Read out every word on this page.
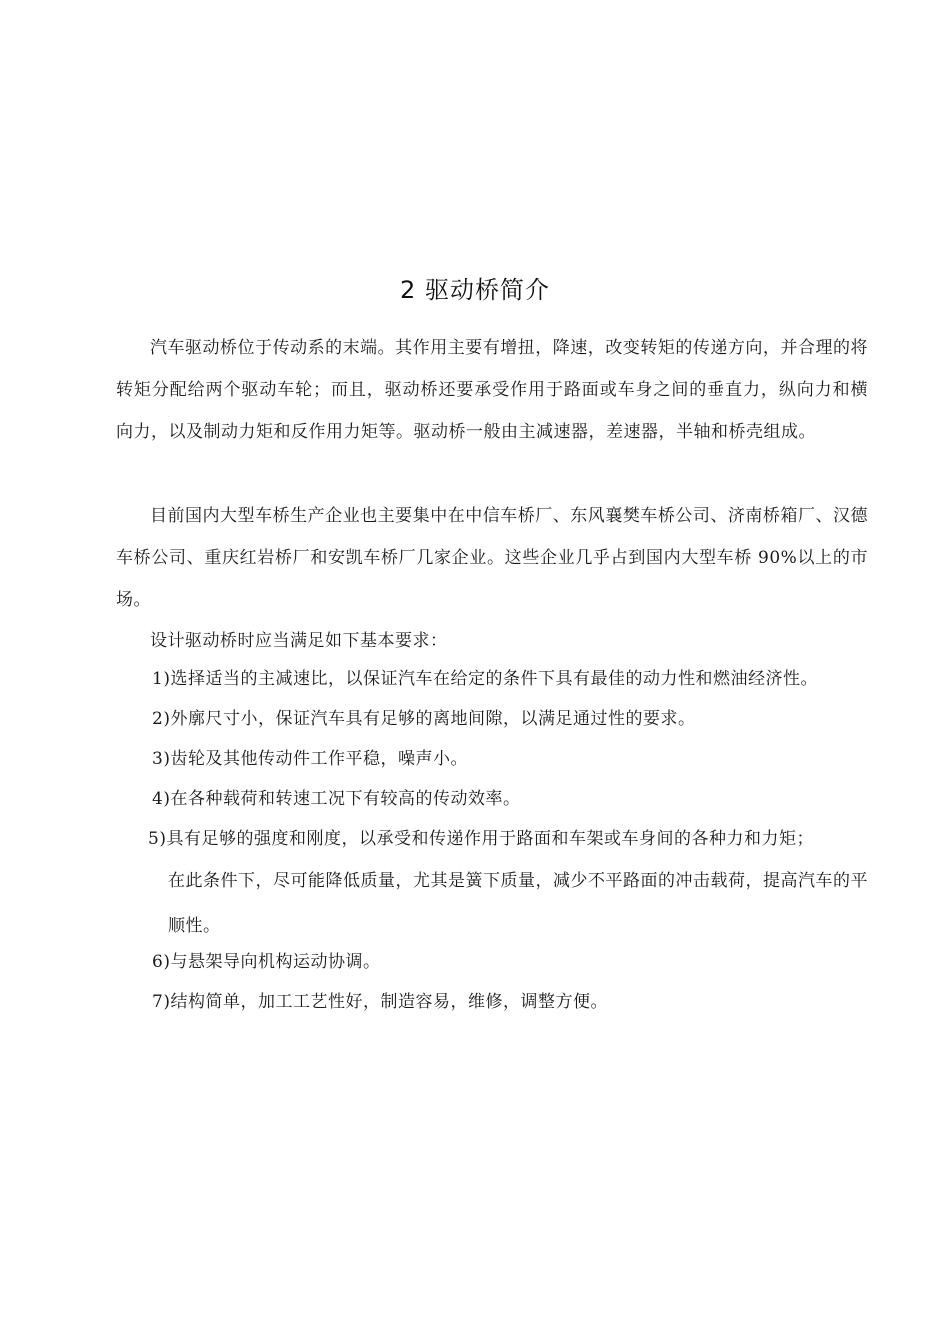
2 驱动桥简介
汽车驱动桥位于传动系的末端。其作用主要有增扭，降速，改变转矩的传递方向，并合理的将转矩分配给两个驱动车轮；而且，驱动桥还要承受作用于路面或车身之间的垂直力，纵向力和横向力，以及制动力矩和反作用力矩等。驱动桥一般由主减速器，差速器，半轴和桥壳组成。
目前国内大型车桥生产企业也主要集中在中信车桥厂、东风襄樊车桥公司、济南桥箱厂、汉德车桥公司、重庆红岩桥厂和安凯车桥厂几家企业。这些企业几乎占到国内大型车桥 90%以上的市场。
设计驱动桥时应当满足如下基本要求：
1)选择适当的主减速比，以保证汽车在给定的条件下具有最佳的动力性和燃油经济性。
2)外廓尺寸小，保证汽车具有足够的离地间隙，以满足通过性的要求。
3)齿轮及其他传动件工作平稳，噪声小。
4)在各种载荷和转速工况下有较高的传动效率。
5)具有足够的强度和刚度，以承受和传递作用于路面和车架或车身间的各种力和力矩；
在此条件下，尽可能降低质量，尤其是簧下质量，减少不平路面的冲击载荷，提高汽车的平顺性。
6)与悬架导向机构运动协调。
7)结构简单，加工工艺性好，制造容易，维修，调整方便。
